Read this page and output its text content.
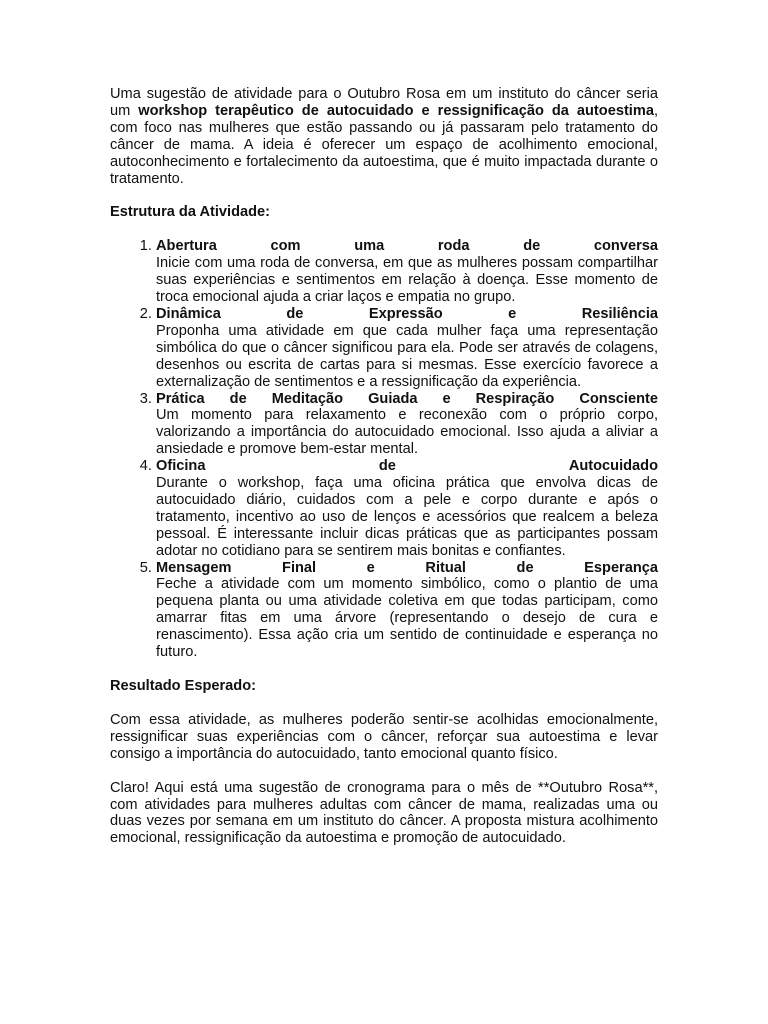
Uma sugestão de atividade para o Outubro Rosa em um instituto do câncer seria um workshop terapêutico de autocuidado e ressignificação da autoestima, com foco nas mulheres que estão passando ou já passaram pelo tratamento do câncer de mama. A ideia é oferecer um espaço de acolhimento emocional, autoconhecimento e fortalecimento da autoestima, que é muito impactada durante o tratamento.

Estrutura da Atividade:

1. Abertura com uma roda de conversa
Inicie com uma roda de conversa, em que as mulheres possam compartilhar suas experiências e sentimentos em relação à doença. Esse momento de troca emocional ajuda a criar laços e empatia no grupo.
2. Dinâmica de Expressão e Resiliência
Proponha uma atividade em que cada mulher faça uma representação simbólica do que o câncer significou para ela. Pode ser através de colagens, desenhos ou escrita de cartas para si mesmas. Esse exercício favorece a externalização de sentimentos e a ressignificação da experiência.
3. Prática de Meditação Guiada e Respiração Consciente
Um momento para relaxamento e reconexão com o próprio corpo, valorizando a importância do autocuidado emocional. Isso ajuda a aliviar a ansiedade e promove bem-estar mental.
4. Oficina de Autocuidado
Durante o workshop, faça uma oficina prática que envolva dicas de autocuidado diário, cuidados com a pele e corpo durante e após o tratamento, incentivo ao uso de lenços e acessórios que realcem a beleza pessoal. É interessante incluir dicas práticas que as participantes possam adotar no cotidiano para se sentirem mais bonitas e confiantes.
5. Mensagem Final e Ritual de Esperança
Feche a atividade com um momento simbólico, como o plantio de uma pequena planta ou uma atividade coletiva em que todas participam, como amarrar fitas em uma árvore (representando o desejo de cura e renascimento). Essa ação cria um sentido de continuidade e esperança no futuro.

Resultado Esperado:

Com essa atividade, as mulheres poderão sentir-se acolhidas emocionalmente, ressignificar suas experiências com o câncer, reforçar sua autoestima e levar consigo a importância do autocuidado, tanto emocional quanto físico.

Claro! Aqui está uma sugestão de cronograma para o mês de **Outubro Rosa**, com atividades para mulheres adultas com câncer de mama, realizadas uma ou duas vezes por semana em um instituto do câncer. A proposta mistura acolhimento emocional, ressignificação da autoestima e promoção de autocuidado.
